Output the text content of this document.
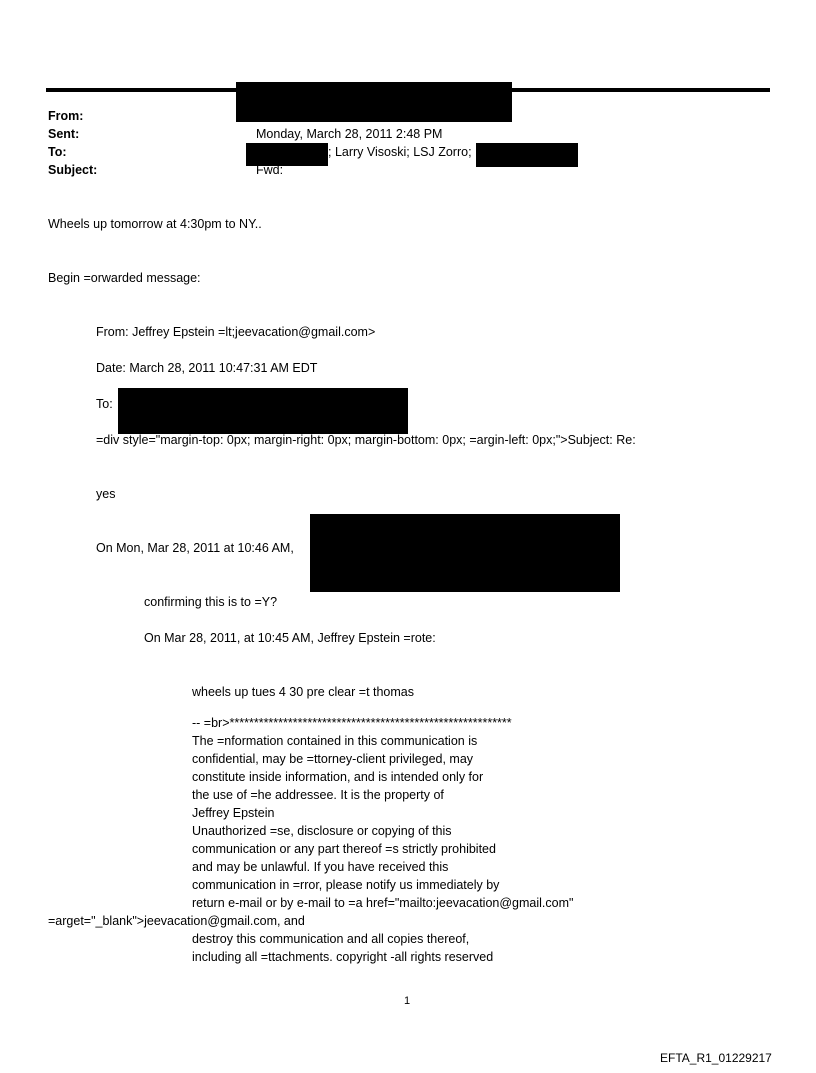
From:
Sent:
To:
Subject:
Monday, March 28, 2011 2:48 PM
; Larry Visoski; LSJ Zorro;
Fwd:
Wheels up tomorrow at 4:30pm to NY..
Begin =orwarded message:
From: Jeffrey Epstein =lt;jeevacation@gmail.com>
Date: March 28, 2011 10:47:31 AM EDT
To:
=div style="margin-top: 0px; margin-right: 0px; margin-bottom: 0px; =argin-left: 0px;">Subject: Re:
yes
On Mon, Mar 28, 2011 at 10:46 AM,
confirming this is to =Y?
On Mar 28, 2011, at 10:45 AM, Jeffrey Epstein =rote:
wheels up tues 4 30 pre clear =t thomas
-- =br>**********************************************************
The =nformation contained in this communication is
confidential, may be =ttorney-client privileged, may
constitute inside information, and is intended only for
the use of =he addressee. It is the property of
Jeffrey Epstein
Unauthorized =se, disclosure or copying of this
communication or any part thereof =s strictly prohibited
and may be unlawful. If you have received this
communication in =rror, please notify us immediately by
return e-mail or by e-mail to =a href="mailto:jeevacation@gmail.com"
=arget="_blank">jeevacation@gmail.com, and
destroy this communication and all copies thereof,
including all =ttachments. copyright -all rights reserved
1
EFTA_R1_01229217
